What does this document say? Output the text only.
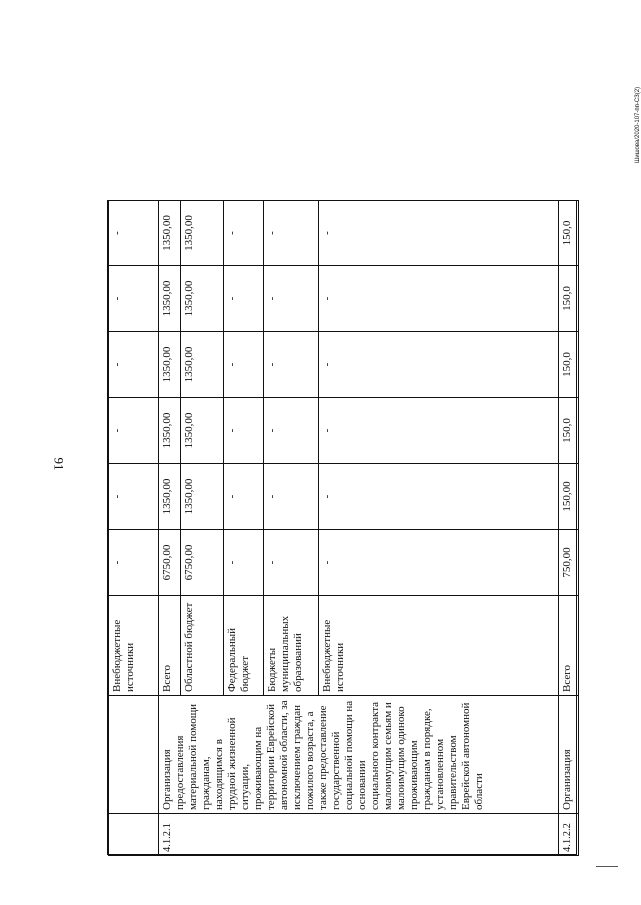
91
Шишова/2020-107-пп-СЗ(2)
		Внебюджетные источники	-	-	-	-	-	-
4.1.2.1	Организация предоставления материальной помощи гражданам, находящимся в трудной жизненной ситуации, проживающим на территории Еврейской автономной области, за исключением граждан пожилого возраста, а также предоставление государственной социальной помощи на основании социального контракта малоимущим семьям и малоимущим одиноко проживающим гражданам в порядке, установленном правительством Еврейской автономной области	Всего	6750,00	1350,00	1350,00	1350,00	1350,00	1350,00
		Областной бюджет	6750,00	1350,00	1350,00	1350,00	1350,00	1350,00
		Федеральный бюджет	-	-	-	-	-	-
		Бюджеты муниципальных образований	-	-	-	-	-	-
		Внебюджетные источники	-	-	-	-	-	-
4.1.2.2	Организация	Всего	750,00	150,00	150,0	150,0	150,0	150,0
